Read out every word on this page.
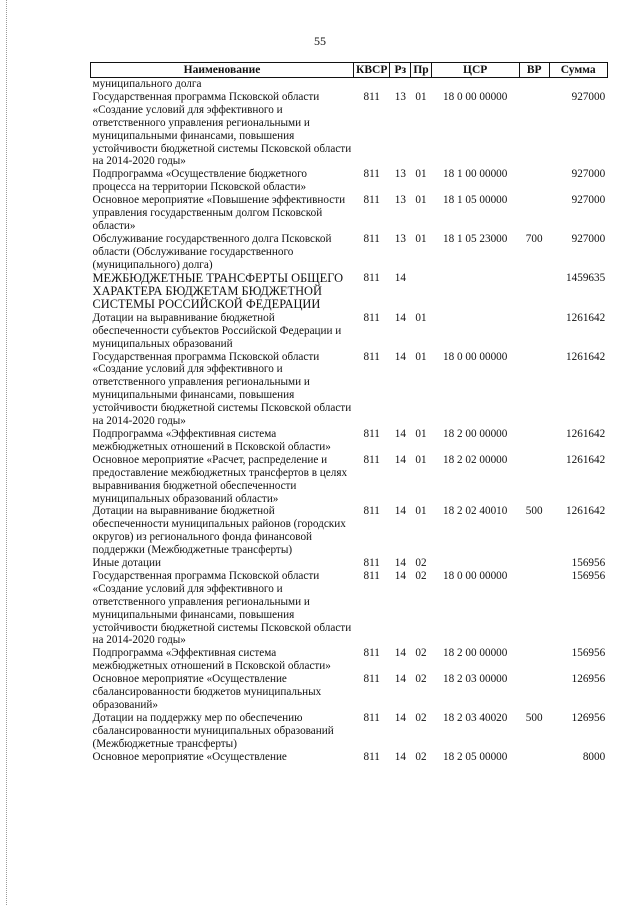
55
Наименование	КВСР	Рз	Пр	ЦСР	ВР	Сумма
муниципального долга						
Государственная программа Псковской области «Создание условий для эффективного и ответственного управления региональными и муниципальными финансами, повышения устойчивости бюджетной системы Псковской области на 2014-2020 годы»	811	13	01	18 0 00 00000		927000
Подпрограмма «Осуществление бюджетного процесса на территории Псковской области»	811	13	01	18 1 00 00000		927000
Основное мероприятие «Повышение эффективности управления государственным долгом Псковской области»	811	13	01	18 1 05 00000		927000
Обслуживание государственного долга Псковской области (Обслуживание государственного (муниципального) долга)	811	13	01	18 1 05 23000	700	927000
МЕЖБЮДЖЕТНЫЕ ТРАНСФЕРТЫ ОБЩЕГО ХАРАКТЕРА БЮДЖЕТАМ БЮДЖЕТНОЙ СИСТЕМЫ РОССИЙСКОЙ ФЕДЕРАЦИИ	811	14				1459635
Дотации на выравнивание бюджетной обеспеченности субъектов Российской Федерации и муниципальных образований	811	14	01			1261642
Государственная программа Псковской области «Создание условий для эффективного и ответственного управления региональными и муниципальными финансами, повышения устойчивости бюджетной системы Псковской области на 2014-2020 годы»	811	14	01	18 0 00 00000		1261642
Подпрограмма «Эффективная система межбюджетных отношений в Псковской области»	811	14	01	18 2 00 00000		1261642
Основное мероприятие «Расчет, распределение и предоставление межбюджетных трансфертов в целях выравнивания бюджетной обеспеченности муниципальных образований области»	811	14	01	18 2 02 00000		1261642
Дотации на выравнивание бюджетной обеспеченности муниципальных районов (городских округов) из регионального фонда финансовой поддержки (Межбюджетные трансферты)	811	14	01	18 2 02 40010	500	1261642
Иные дотации	811	14	02			156956
Государственная программа Псковской области «Создание условий для эффективного и ответственного управления региональными и муниципальными финансами, повышения устойчивости бюджетной системы Псковской области на 2014-2020 годы»	811	14	02	18 0 00 00000		156956
Подпрограмма «Эффективная система межбюджетных отношений в Псковской области»	811	14	02	18 2 00 00000		156956
Основное мероприятие «Осуществление сбалансированности бюджетов муниципальных образований»	811	14	02	18 2 03 00000		126956
Дотации на поддержку мер по обеспечению сбалансированности муниципальных образований (Межбюджетные трансферты)	811	14	02	18 2 03 40020	500	126956
Основное мероприятие «Осуществление	811	14	02	18 2 05 00000		8000
